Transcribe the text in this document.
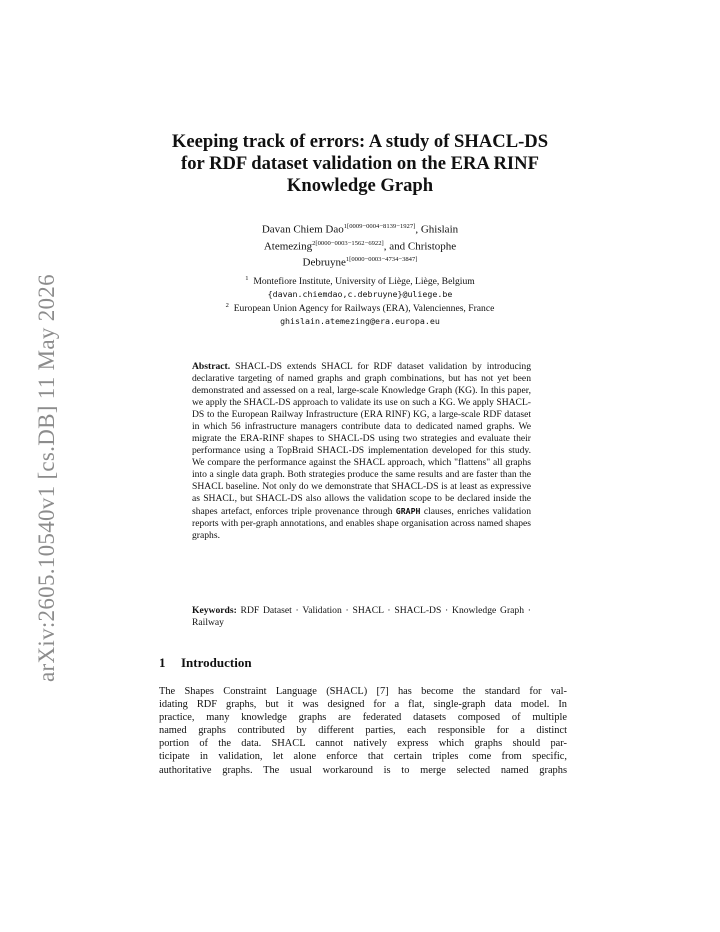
arXiv:2605.10540v1 [cs.DB] 11 May 2026
Keeping track of errors: A study of SHACL-DS
for RDF dataset validation on the ERA RINF
Knowledge Graph
Davan Chiem Dao$^{1[0009-0004-8139-1927]}$, Ghislain
Atemezing$^{2[0000-0003-1562-6922]}$, and Christophe
Debruyne$^{1[0000-0003-4734-3847]}$
$^1$ Montefiore Institute, University of Liège, Liège, Belgium
{davan.chiemdao,c.debruyne}@uliege.be
$^2$ European Union Agency for Railways (ERA), Valenciennes, France
ghislain.atemezing@era.europa.eu
Abstract. SHACL-DS extends SHACL for RDF dataset validation by introducing declarative targeting of named graphs and graph combinations, but has not yet been demonstrated and assessed on a real, large-scale Knowledge Graph (KG). In this paper, we apply the SHACL-DS approach to validate its use on such a KG. We apply SHACL-DS to the European Railway Infrastructure (ERA RINF) KG, a large-scale RDF dataset in which 56 infrastructure managers contribute data to dedicated named graphs. We migrate the ERA-RINF shapes to SHACL-DS using two strategies and evaluate their performance using a TopBraid SHACL-DS implementation developed for this study. We compare the performance against the SHACL approach, which "flattens" all graphs into a single data graph. Both strategies produce the same results and are faster than the SHACL baseline. Not only do we demonstrate that SHACL-DS is at least as expressive as SHACL, but SHACL-DS also allows the validation scope to be declared inside the shapes artefact, enforces triple provenance through GRAPH clauses, enriches validation reports with per-graph annotations, and enables shape organisation across named shapes graphs.
Keywords: RDF Dataset · Validation · SHACL · SHACL-DS · Knowledge Graph · Railway
1 Introduction
The Shapes Constraint Language (SHACL) [7] has become the standard for val-
idating RDF graphs, but it was designed for a flat, single-graph data model. In
practice, many knowledge graphs are federated datasets composed of multiple
named graphs contributed by different parties, each responsible for a distinct
portion of the data. SHACL cannot natively express which graphs should par-
ticipate in validation, let alone enforce that certain triples come from specific,
authoritative graphs. The usual workaround is to merge selected named graphs
